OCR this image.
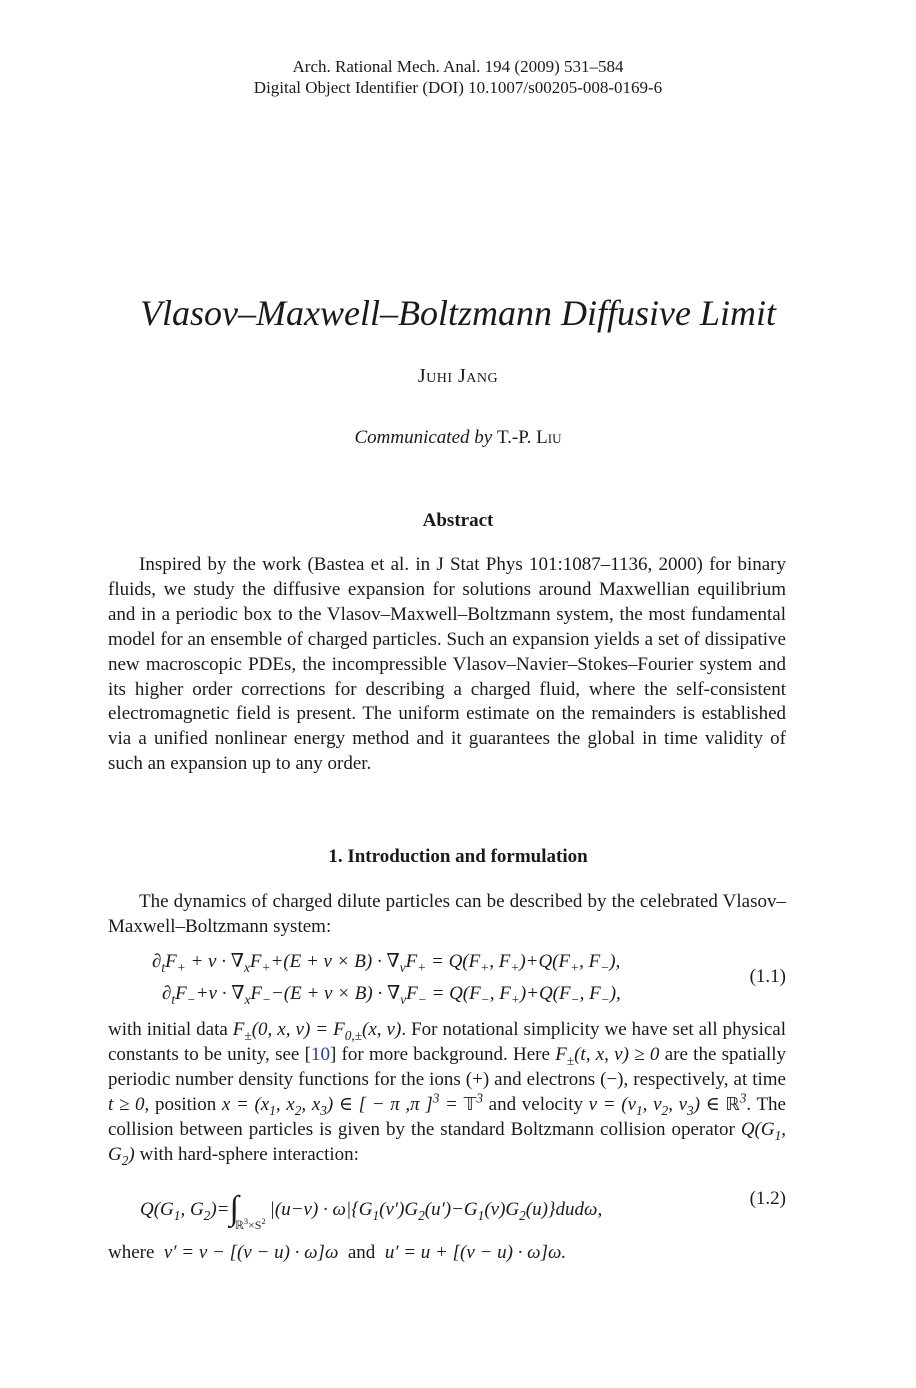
Arch. Rational Mech. Anal. 194 (2009) 531–584
Digital Object Identifier (DOI) 10.1007/s00205-008-0169-6
Vlasov–Maxwell–Boltzmann Diffusive Limit
Juhi Jang
Communicated by T.-P. Liu
Abstract

Inspired by the work (Bastea et al. in J Stat Phys 101:1087–1136, 2000) for binary fluids, we study the diffusive expansion for solutions around Maxwellian equilibrium and in a periodic box to the Vlasov–Maxwell–Boltzmann system, the most fundamental model for an ensemble of charged particles. Such an expansion yields a set of dissipative new macroscopic PDEs, the incompressible Vlasov–Navier–Stokes–Fourier system and its higher order corrections for describing a charged fluid, where the self-consistent electromagnetic field is present. The uniform estimate on the remainders is established via a unified nonlinear energy method and it guarantees the global in time validity of such an expansion up to any order.

1. Introduction and formulation

The dynamics of charged dilute particles can be described by the celebrated Vlasov–Maxwell–Boltzmann system:

$\partial_tF_+ + v \cdot \nabla_xF_++(E + v \times B) \cdot \nabla_vF_+ = Q(F_+$, $F_+)+Q(F_+$, $F_-$),
$\partial_tF_-+v \cdot \nabla_xF_--(E + v \times B) \cdot \nabla_vF_- = Q(F_-$, $F_+)+Q(F_-$, $F_-$),
(1.1)

with initial data $F_\pm(0$, x, $v) = F_{0,\pm}(x$, v). For notational simplicity we have set all physical constants to be unity, see [10] for more background. Here $F_\pm(t$, x, v) ≥ 0 are the spatially periodic number density functions for the ions (+) and electrons (−), respectively, at time t ≥ 0, position $x = (x_1$, $x_2$, $x_3$) ∈ [ − π ,π ]$^3$ = 𝕋$^3$ and velocity $v = (v_1$, $v_2$, $v_3$) ∈ ℝ$^3$. The collision between particles is given by the standard Boltzmann collision operator $Q(G_1$, $G_2$) with hard-sphere interaction:

$Q(G_1$, $G_2)=\int_{ℝ^3\times S^2}|(u-v) \cdot \omega|\{G_1(v')G_2(u')-G_1(v)G_2(u)\}dud\omega$,
(1.2)

where v′ = v − [(v − u) · ω]ω and u′ = u + [(v − u) · ω]ω.
